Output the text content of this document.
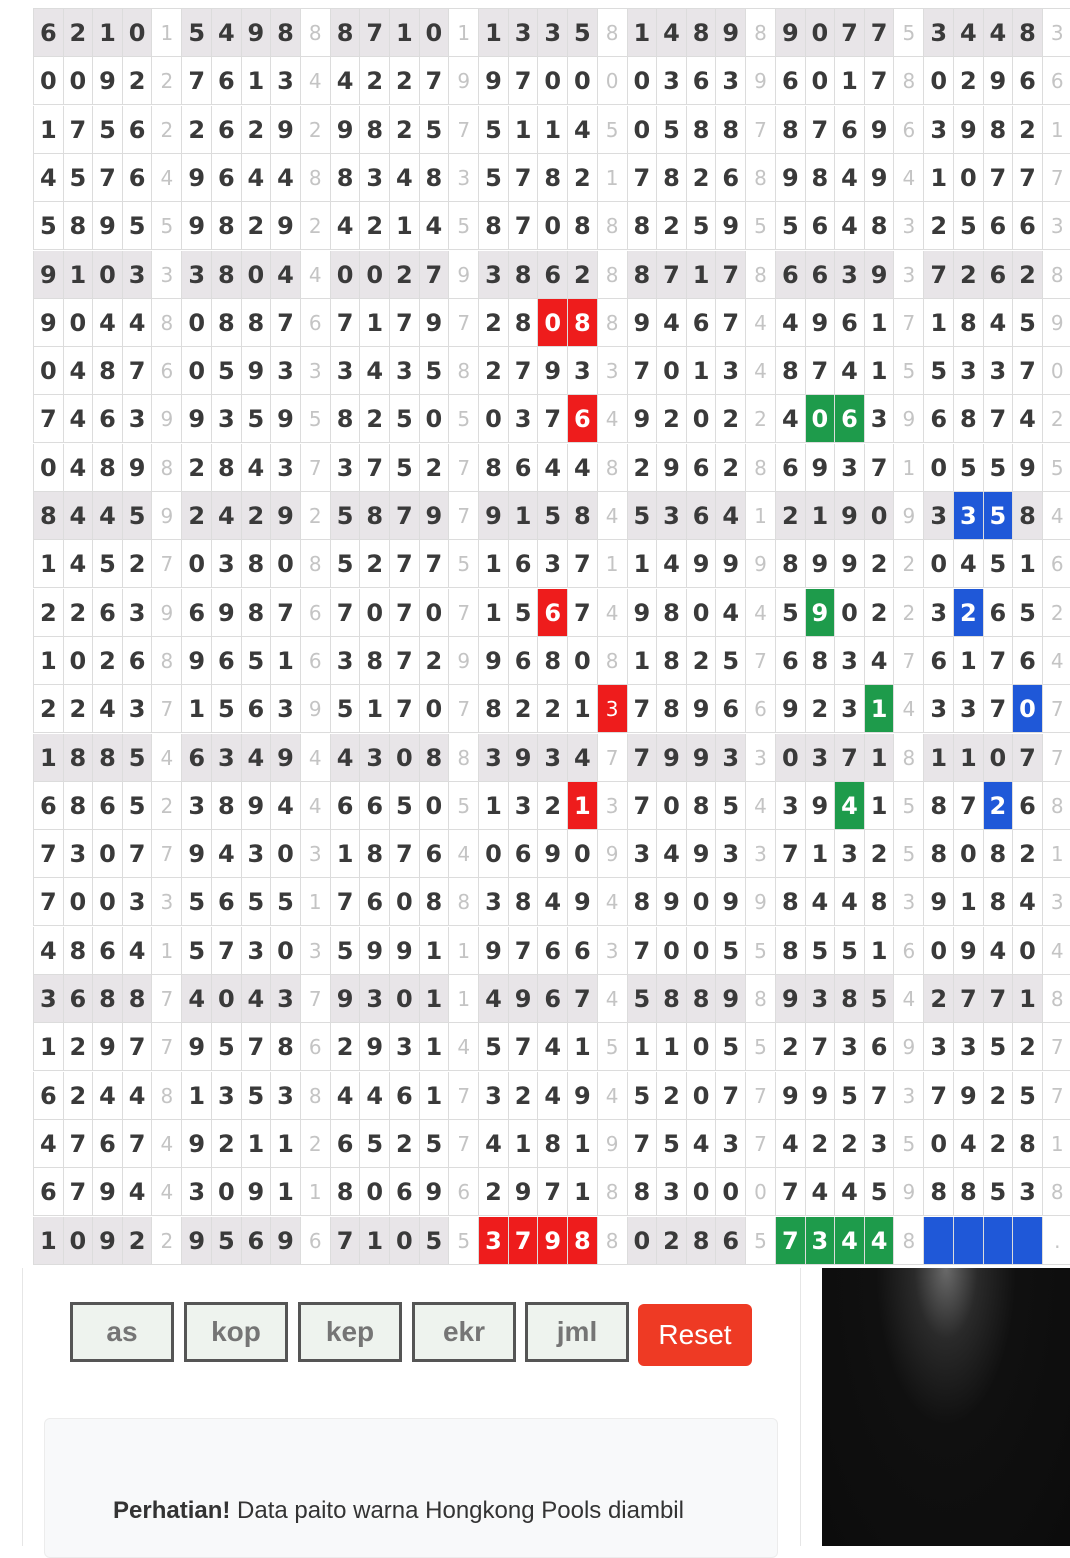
6 2 1 0 1 5 4 9 8 8 8 7 1 0 1 1 3 3 5 8 1 4 8 9 8 9 0 7 7 5 3 4 4 8 3
0 0 9 2 2 7 6 1 3 4 4 2 2 7 9 9 7 0 0 0 0 3 6 3 9 6 0 1 7 8 0 2 9 6 6
1 7 5 6 2 2 6 2 9 2 9 8 2 5 7 5 1 1 4 5 0 5 8 8 7 8 7 6 9 6 3 9 8 2 1
4 5 7 6 4 9 6 4 4 8 8 3 4 8 3 5 7 8 2 1 7 8 2 6 8 9 8 4 9 4 1 0 7 7 7
5 8 9 5 5 9 8 2 9 2 4 2 1 4 5 8 7 0 8 8 8 2 5 9 5 5 6 4 8 3 2 5 6 6 3
9 1 0 3 3 3 8 0 4 4 0 0 2 7 9 3 8 6 2 8 8 7 1 7 8 6 6 3 9 3 7 2 6 2 8
9 0 4 4 8 0 8 8 7 6 7 1 7 9 7 2 8 0 8 8 9 4 6 7 4 4 9 6 1 7 1 8 4 5 9
0 4 8 7 6 0 5 9 3 3 3 4 3 5 8 2 7 9 3 3 7 0 1 3 4 8 7 4 1 5 5 3 3 7 0
7 4 6 3 9 9 3 5 9 5 8 2 5 0 5 0 3 7 6 4 9 2 0 2 2 4 0 6 3 9 6 8 7 4 2
0 4 8 9 8 2 8 4 3 7 3 7 5 2 7 8 6 4 4 8 2 9 6 2 8 6 9 3 7 1 0 5 5 9 5
8 4 4 5 9 2 4 2 9 2 5 8 7 9 7 9 1 5 8 4 5 3 6 4 1 2 1 9 0 9 3 3 5 8 4
1 4 5 2 7 0 3 8 0 8 5 2 7 7 5 1 6 3 7 1 1 4 9 9 9 8 9 9 2 2 0 4 5 1 6
2 2 6 3 9 6 9 8 7 6 7 0 7 0 7 1 5 6 7 4 9 8 0 4 4 5 9 0 2 2 3 2 6 5 2
1 0 2 6 8 9 6 5 1 6 3 8 7 2 9 9 6 8 0 8 1 8 2 5 7 6 8 3 4 7 6 1 7 6 4
2 2 4 3 7 1 5 6 3 9 5 1 7 0 7 8 2 2 1 3 7 8 9 6 6 9 2 3 1 4 3 3 7 0 7
1 8 8 5 4 6 3 4 9 4 4 3 0 8 8 3 9 3 4 7 7 9 9 3 3 0 3 7 1 8 1 1 0 7 7
6 8 6 5 2 3 8 9 4 4 6 6 5 0 5 1 3 2 1 3 7 0 8 5 4 3 9 4 1 5 8 7 2 6 8
7 3 0 7 7 9 4 3 0 3 1 8 7 6 4 0 6 9 0 9 3 4 9 3 3 7 1 3 2 5 8 0 8 2 1
7 0 0 3 3 5 6 5 5 1 7 6 0 8 8 3 8 4 9 4 8 9 0 9 9 8 4 4 8 3 9 1 8 4 3
4 8 6 4 1 5 7 3 0 3 5 9 9 1 1 9 7 6 6 3 7 0 0 5 5 8 5 5 1 6 0 9 4 0 4
3 6 8 8 7 4 0 4 3 7 9 3 0 1 1 4 9 6 7 4 5 8 8 9 8 9 3 8 5 4 2 7 7 1 8
1 2 9 7 7 9 5 7 8 6 2 9 3 1 4 5 7 4 1 5 1 1 0 5 5 2 7 3 6 9 3 3 5 2 7
6 2 4 4 8 1 3 5 3 8 4 4 6 1 7 3 2 4 9 4 5 2 0 7 7 9 9 5 7 3 7 9 2 5 7
4 7 6 7 4 9 2 1 1 2 6 5 2 5 7 4 1 8 1 9 7 5 4 3 7 4 2 2 3 5 0 4 2 8 1
6 7 9 4 4 3 0 9 1 1 8 0 6 9 6 2 9 7 1 8 8 3 0 0 0 7 4 4 5 9 8 8 5 3 8
1 0 9 2 2 9 5 6 9 6 7 1 0 5 5 3 7 9 8 8 0 2 8 6 5 7 3 4 4 8	.
as
kop
kep
ekr
jml
Reset

Perhatian! Data paito warna Hongkong Pools diambil
